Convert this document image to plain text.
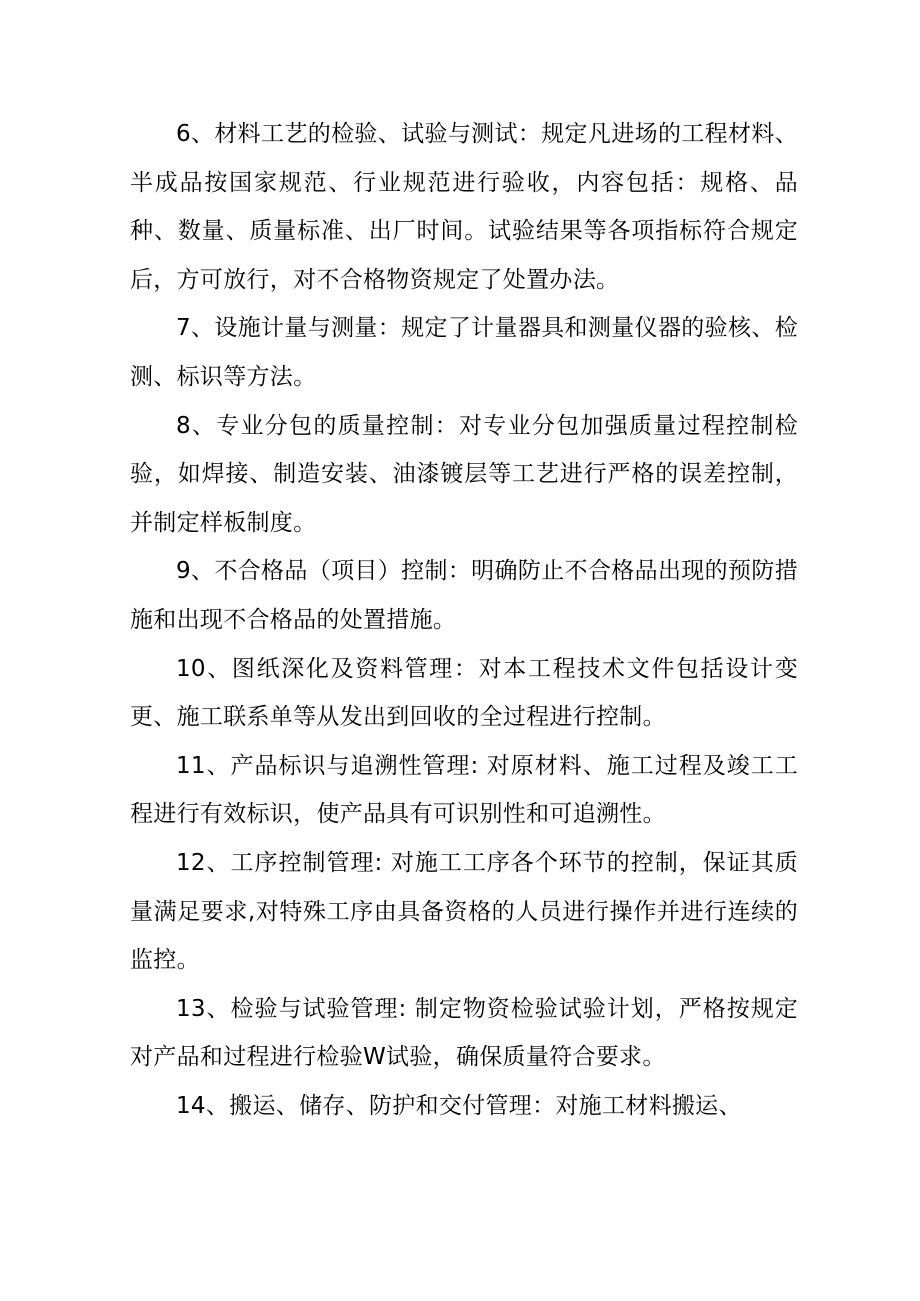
6、材料工艺的检验、试验与测试：规定凡进场的工程材料、半成品按国家规范、行业规范进行验收，内容包括：规格、品种、数量、质量标准、出厂时间。试验结果等各项指标符合规定后，方可放行，对不合格物资规定了处置办法。

7、设施计量与测量：规定了计量器具和测量仪器的验核、检测、标识等方法。

8、专业分包的质量控制：对专业分包加强质量过程控制检验，如焊接、制造安装、油漆镀层等工艺进行严格的误差控制，并制定样板制度。

9、不合格品（项目）控制：明确防止不合格品出现的预防措施和出现不合格品的处置措施。

10、图纸深化及资料管理：对本工程技术文件包括设计变更、施工联系单等从发出到回收的全过程进行控制。

11、产品标识与追溯性管理: 对原材料、施工过程及竣工工程进行有效标识，使产品具有可识别性和可追溯性。

12、工序控制管理: 对施工工序各个环节的控制，保证其质量满足要求,对特殊工序由具备资格的人员进行操作并进行连续的监控。

13、检验与试验管理: 制定物资检验试验计划，严格按规定对产品和过程进行检验W试验，确保质量符合要求。

14、搬运、储存、防护和交付管理：对施工材料搬运、
